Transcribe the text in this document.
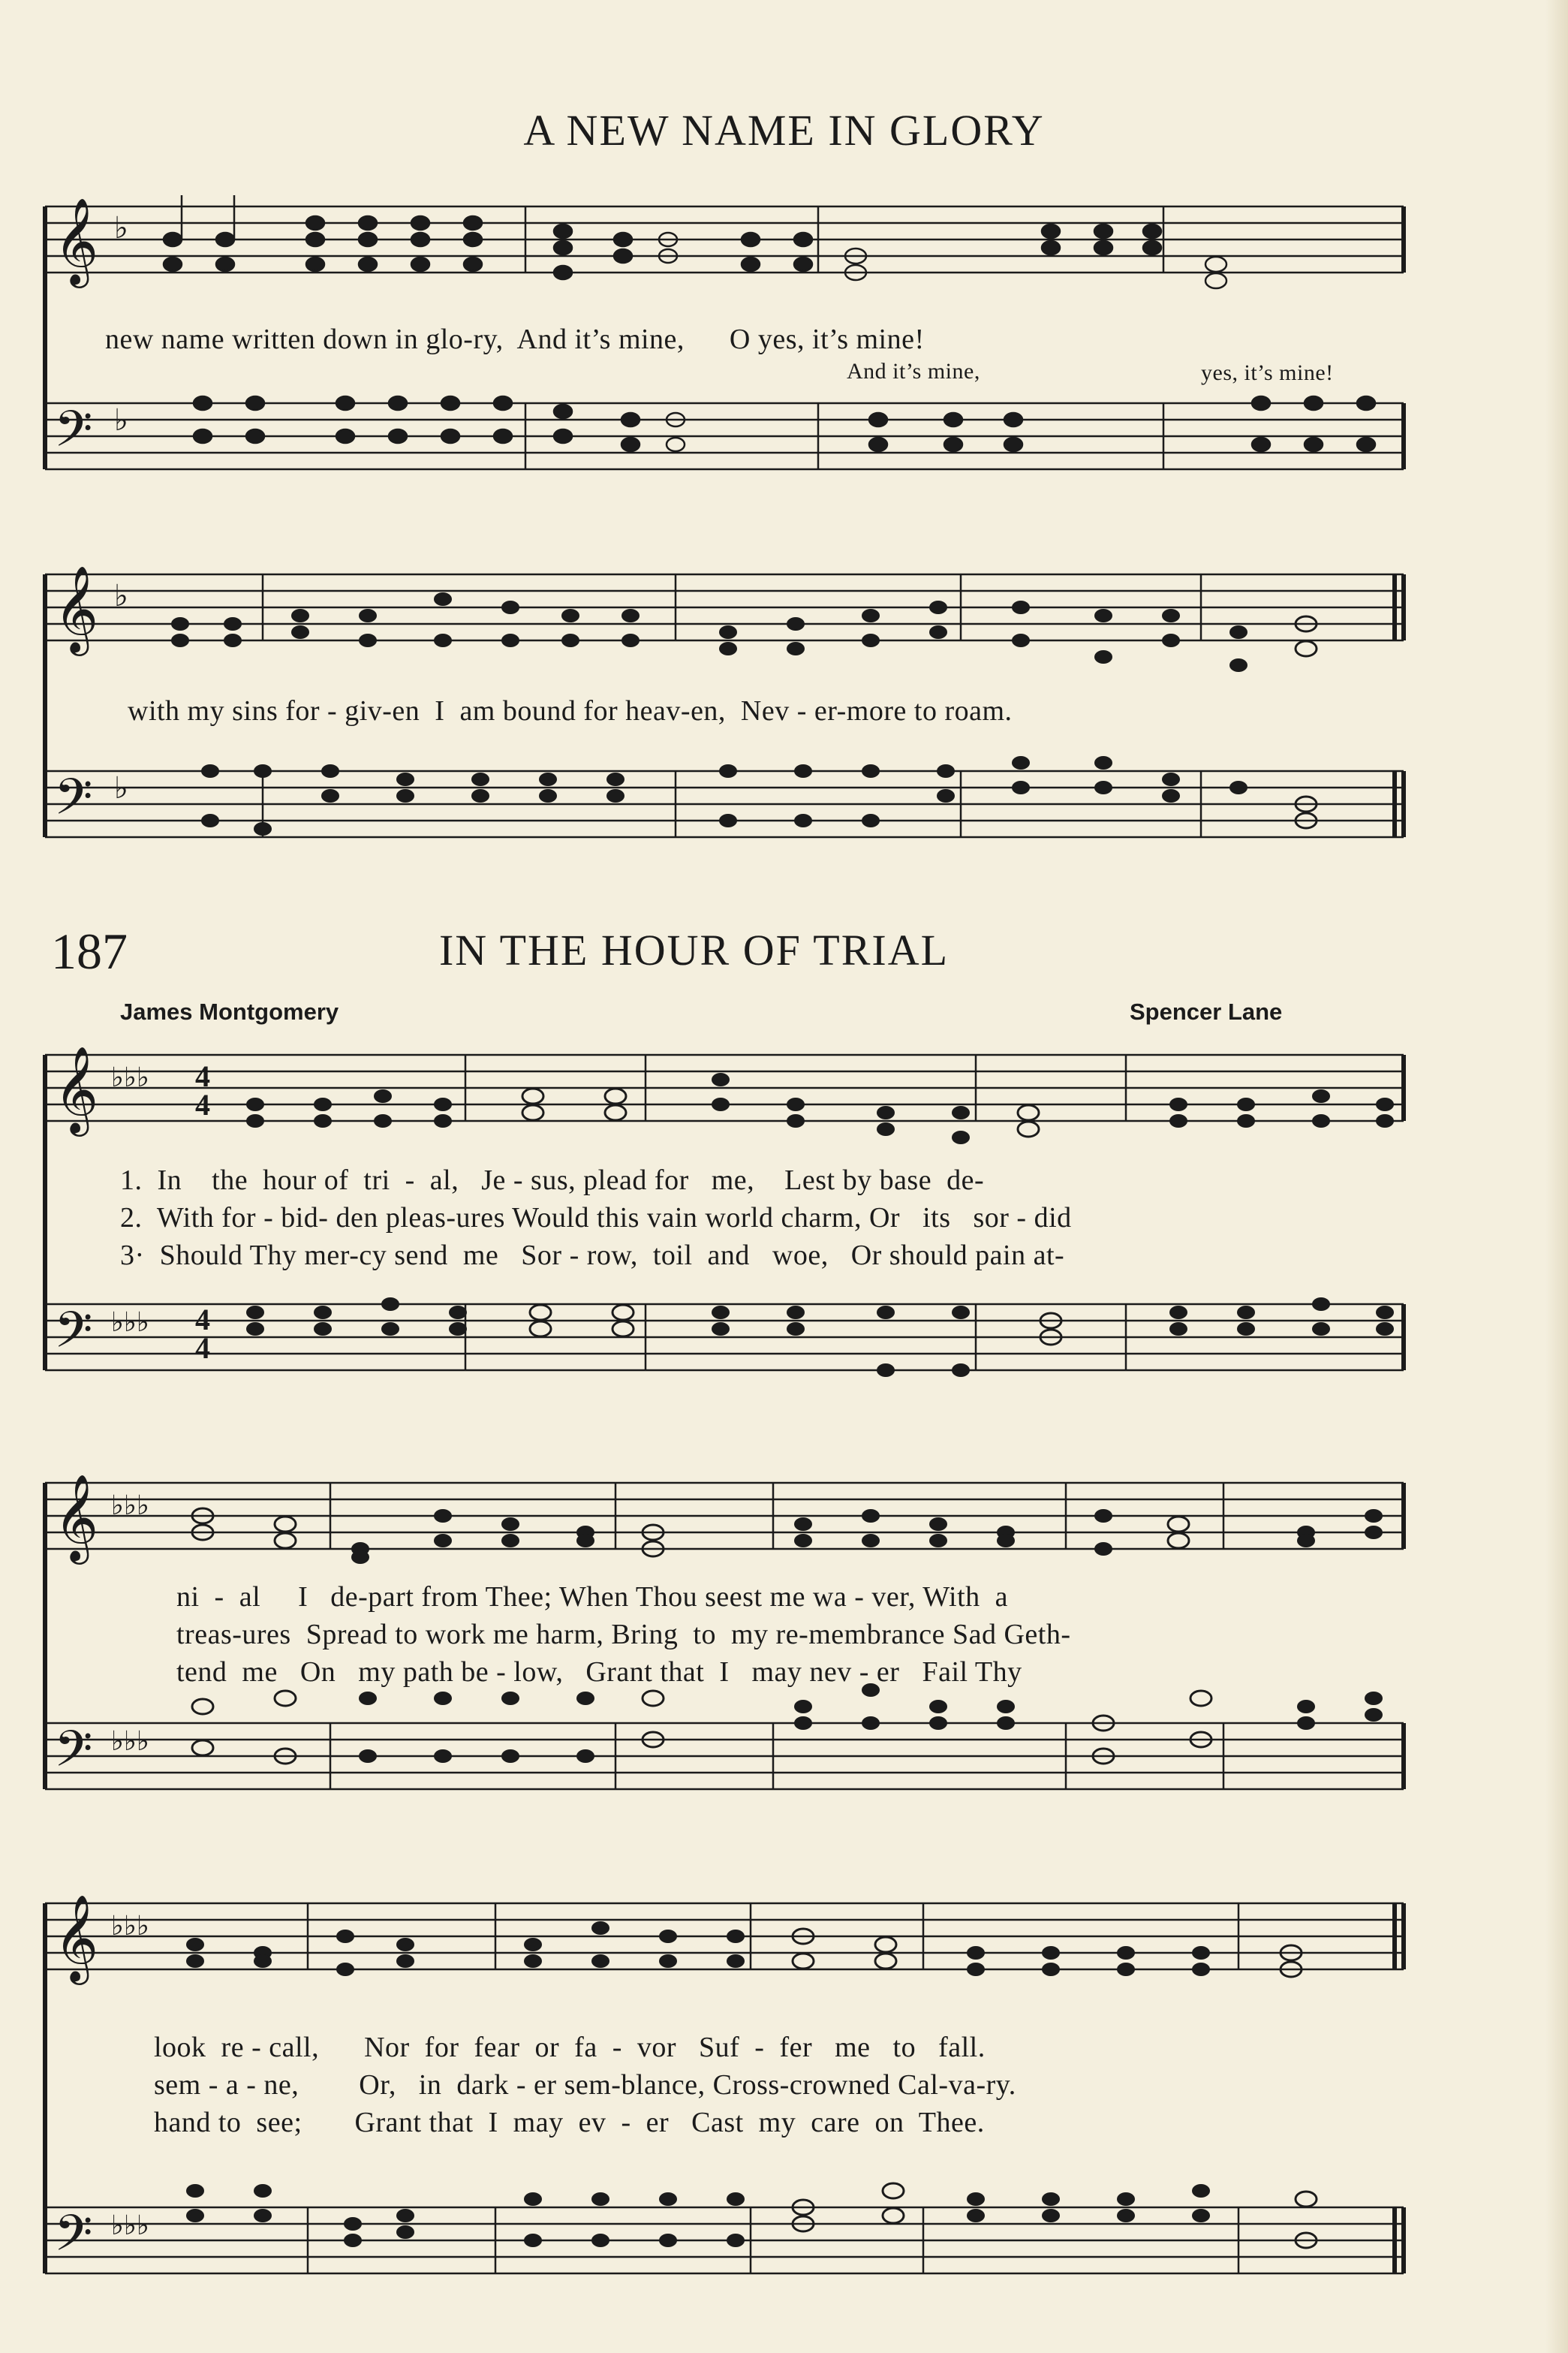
A NEW NAME IN GLORY
𝄞
𝄢
♭
♭
new name written down in glo-ry,  And it’s mine,      O yes, it’s mine!
And it’s mine,	yes, it’s mine!
𝄞
𝄢
♭
♭
with my sins for - giv-en  I  am bound for heav-en,  Nev - er-more to roam.
187	IN THE HOUR OF TRIAL
James Montgomery	Spencer Lane
𝄞
𝄢
♭♭♭
♭♭♭
4
4
4
4
1.  In    the  hour of  tri  -  al,   Je - sus, plead for   me,    Lest by base  de-
2.  With for - bid- den pleas-ures Would this vain world charm, Or   its   sor - did
3·  Should Thy mer-cy send  me   Sor - row,  toil  and   woe,   Or should pain at-
𝄞
𝄢
♭♭♭
♭♭♭
ni  -  al     I   de-part from Thee; When Thou seest me wa - ver, With  a
treas-ures  Spread to work me harm, Bring  to  my re-membrance Sad Geth-
tend  me   On   my path be - low,   Grant that  I   may nev - er   Fail Thy
𝄞
𝄢
♭♭♭
♭♭♭
look  re - call,      Nor  for  fear  or  fa  -  vor   Suf  -  fer   me   to   fall.
sem - a - ne,        Or,   in  dark - er sem-blance, Cross-crowned Cal-va-ry.
hand to  see;       Grant that  I  may  ev  -  er   Cast  my  care  on  Thee.
